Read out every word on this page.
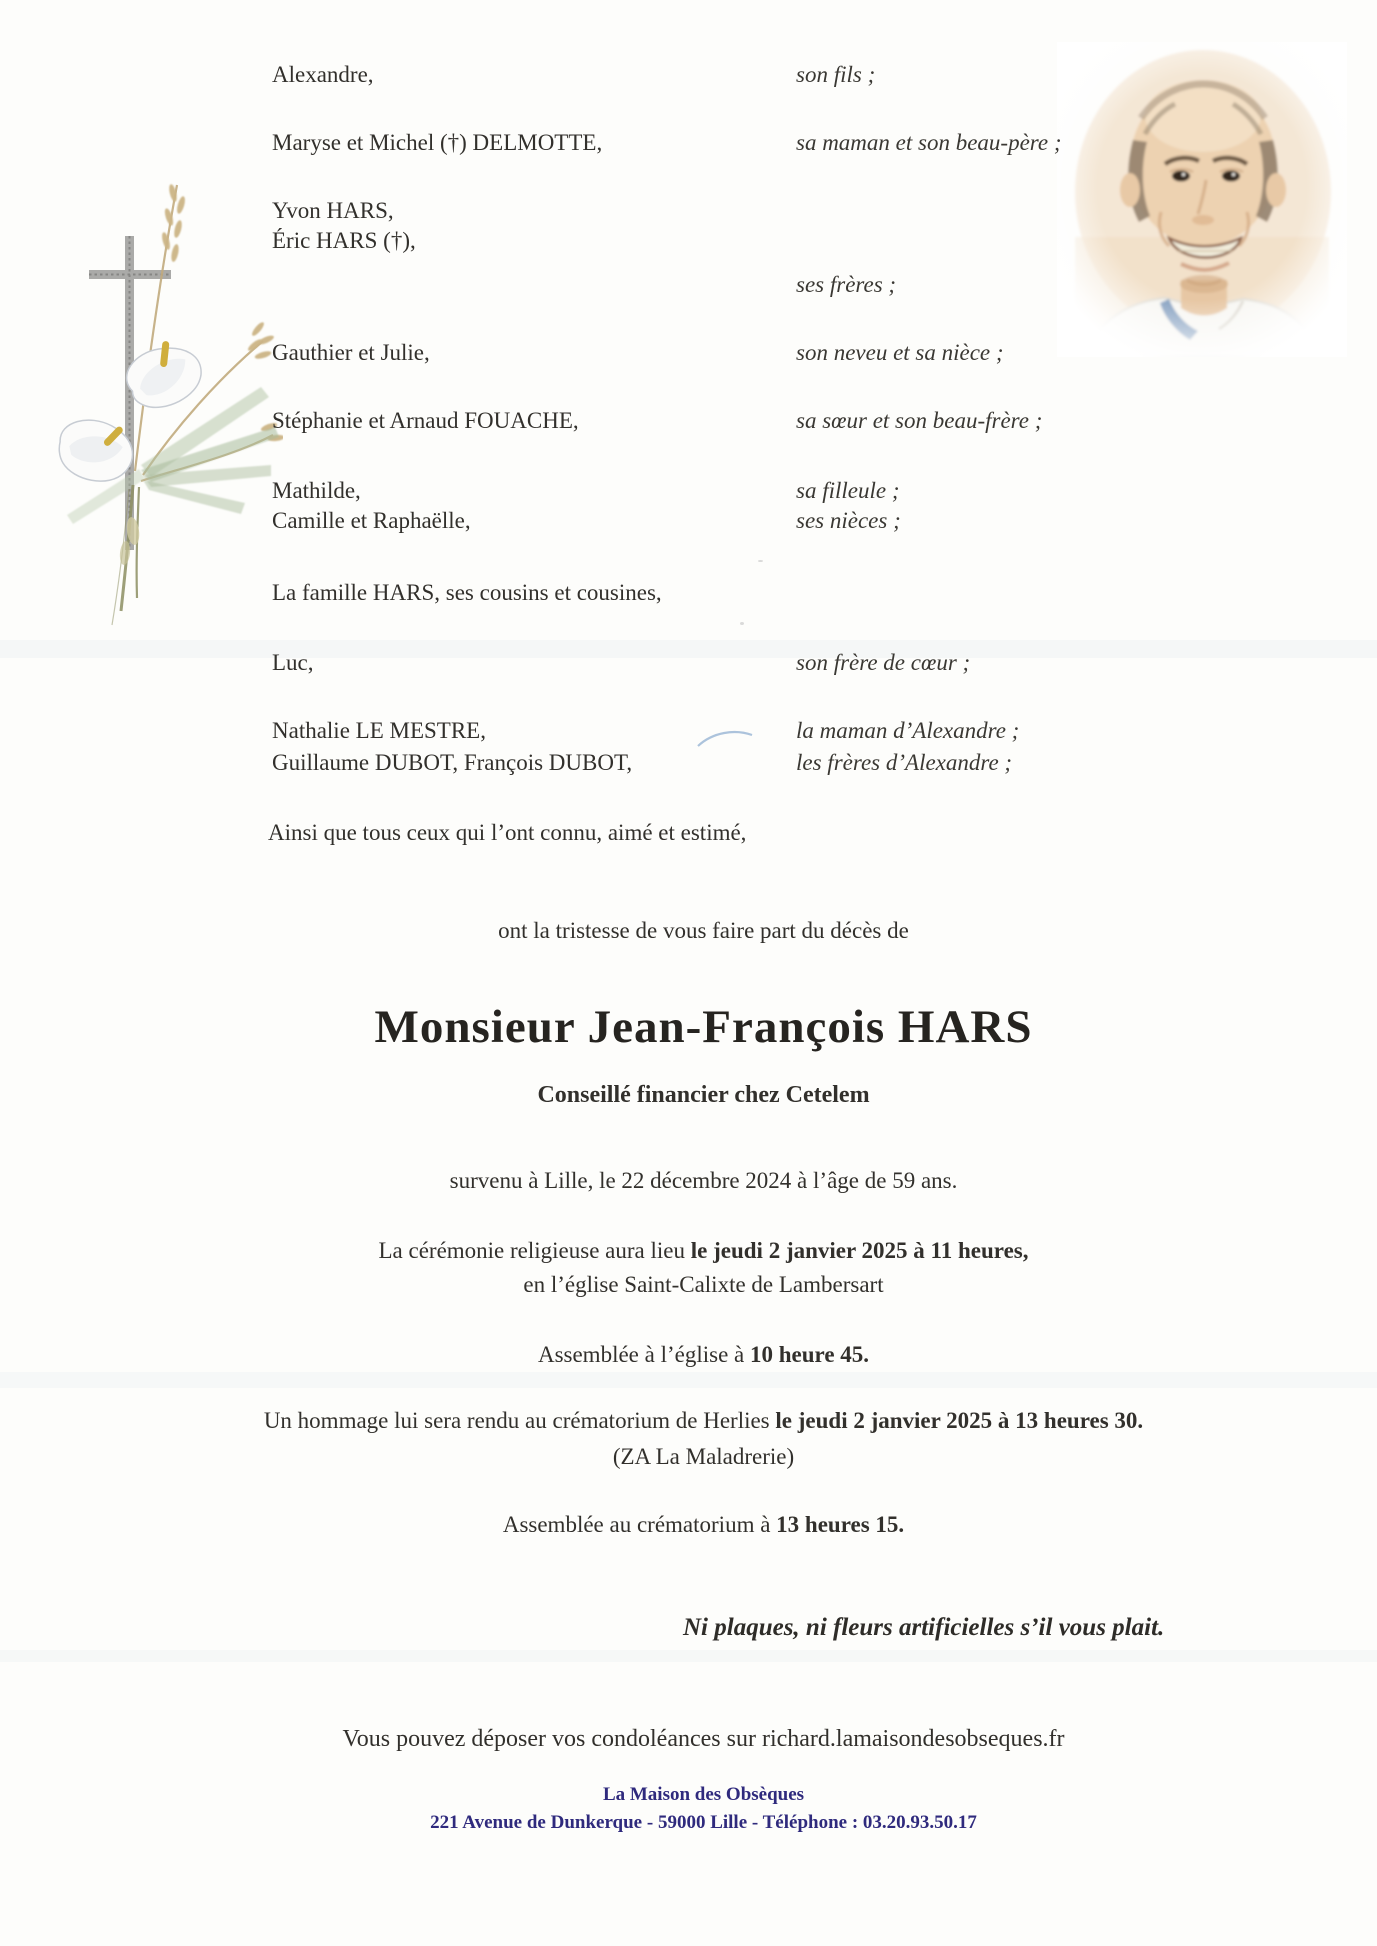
Alexandre,
Maryse et Michel (†) DELMOTTE,
Yvon HARS,
Éric HARS (†),
Gauthier et Julie,
Stéphanie et Arnaud FOUACHE,
Mathilde,
Camille et Raphaëlle,
La famille HARS, ses cousins et cousines,
Luc,
Nathalie LE MESTRE,
Guillaume DUBOT, François DUBOT,
Ainsi que tous ceux qui l’ont connu, aimé et estimé,
son fils ;
sa maman et son beau-père ;
ses frères ;
son neveu et sa nièce ;
sa sœur et son beau-frère ;
sa filleule ;
ses nièces ;
son frère de cœur ;
la maman d’Alexandre ;
les frères d’Alexandre ;
ont la tristesse de vous faire part du décès de
Monsieur Jean-François HARS
Conseillé financier chez Cetelem
survenu à Lille, le 22 décembre 2024 à l’âge de 59 ans.
La cérémonie religieuse aura lieu le jeudi 2 janvier 2025 à 11 heures,
en l’église Saint-Calixte de Lambersart
Assemblée à l’église à 10 heure 45.
Un hommage lui sera rendu au crématorium de Herlies le jeudi 2 janvier 2025 à 13 heures 30.
(ZA La Maladrerie)
Assemblée au crématorium à 13 heures 15.
Ni plaques, ni fleurs artificielles s’il vous plait.
Vous pouvez déposer vos condoléances sur richard.lamaisondesobseques.fr
La Maison des Obsèques
221 Avenue de Dunkerque - 59000 Lille - Téléphone : 03.20.93.50.17
